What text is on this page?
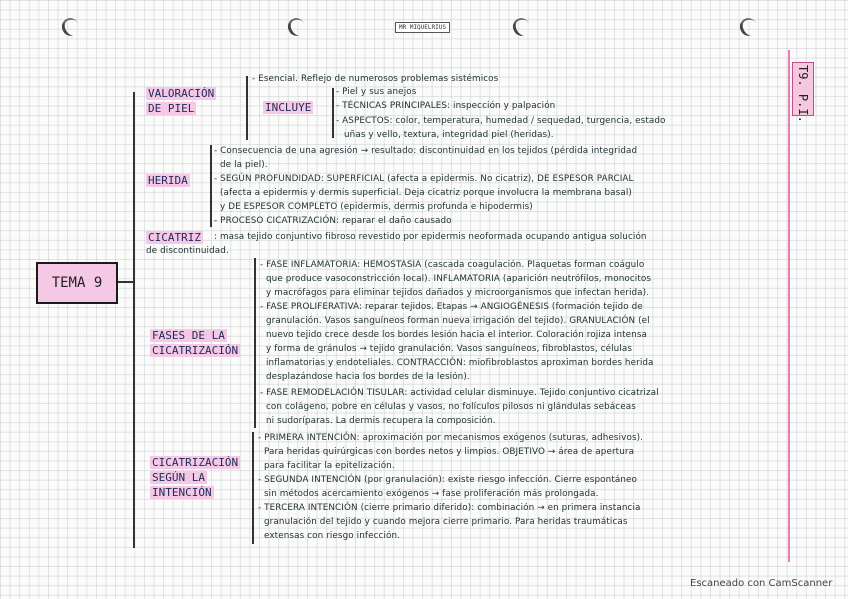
MR MIQUELRIUS
T9. P.I.
TEMA 9
VALORACIÓN
DE PIEL	INCLUYE
HERIDA
CICATRIZ
FASES DE LA
CICATRIZACIÓN
CICATRIZACIÓN
SEGÚN LA
INTENCIÓN
- Esencial. Reflejo de numerosos problemas sistémicos
- Piel y sus anejos
- TÉCNICAS PRINCIPALES: inspección y palpación
- ASPECTOS: color, temperatura, humedad / sequedad, turgencia, estado
uñas y vello, textura, integridad piel (heridas).
- Consecuencia de una agresión → resultado: discontinuidad en los tejidos (pérdida integridad
de la piel).
- SEGÚN PROFUNDIDAD: SUPERFICIAL (afecta a epidermis. No cicatriz), DE ESPESOR PARCIAL
(afecta a epidermis y dermis superficial. Deja cicatriz porque involucra la membrana basal)
y DE ESPESOR COMPLETO (epidermis, dermis profunda e hipodermis)
- PROCESO CICATRIZACIÓN: reparar el daño causado
: masa tejido conjuntivo fibroso revestido por epidermis neoformada ocupando antigua solución
de discontinuidad.
- FASE INFLAMATORIA: HEMOSTASIA (cascada coagulación. Plaquetas forman coágulo
que produce vasoconstricción local). INFLAMATORIA (aparición neutrófilos, monocitos
y macrófagos para eliminar tejidos dañados y microorganismos que infectan herida).
- FASE PROLIFERATIVA: reparar tejidos. Etapas → ANGIOGÉNESIS (formación tejido de
granulación. Vasos sanguíneos forman nueva irrigación del tejido). GRANULACIÓN (el
nuevo tejido crece desde los bordes lesión hacia el interior. Coloración rojiza intensa
y forma de gránulos → tejido granulación. Vasos sanguíneos, fibroblastos, células
inflamatorias y endoteliales. CONTRACCIÓN: miofibroblastos aproximan bordes herida
desplazándose hacia los bordes de la lesión).
- FASE REMODELACIÓN TISULAR: actividad celular disminuye. Tejido conjuntivo cicatrizal
con colágeno, pobre en células y vasos, no folículos pilosos ni glándulas sebáceas
ni sudoríparas. La dermis recupera la composición.
- PRIMERA INTENCIÓN: aproximación por mecanismos exógenos (suturas, adhesivos).
Para heridas quirúrgicas con bordes netos y limpios. OBJETIVO → área de apertura
para facilitar la epitelización.
- SEGUNDA INTENCIÓN (por granulación): existe riesgo infección. Cierre espontáneo
sin métodos acercamiento exógenos → fase proliferación más prolongada.
- TERCERA INTENCIÓN (cierre primario diferido): combinación → en primera instancia
granulación del tejido y cuando mejora cierre primario. Para heridas traumáticas
extensas con riesgo infección.
Escaneado con CamScanner
